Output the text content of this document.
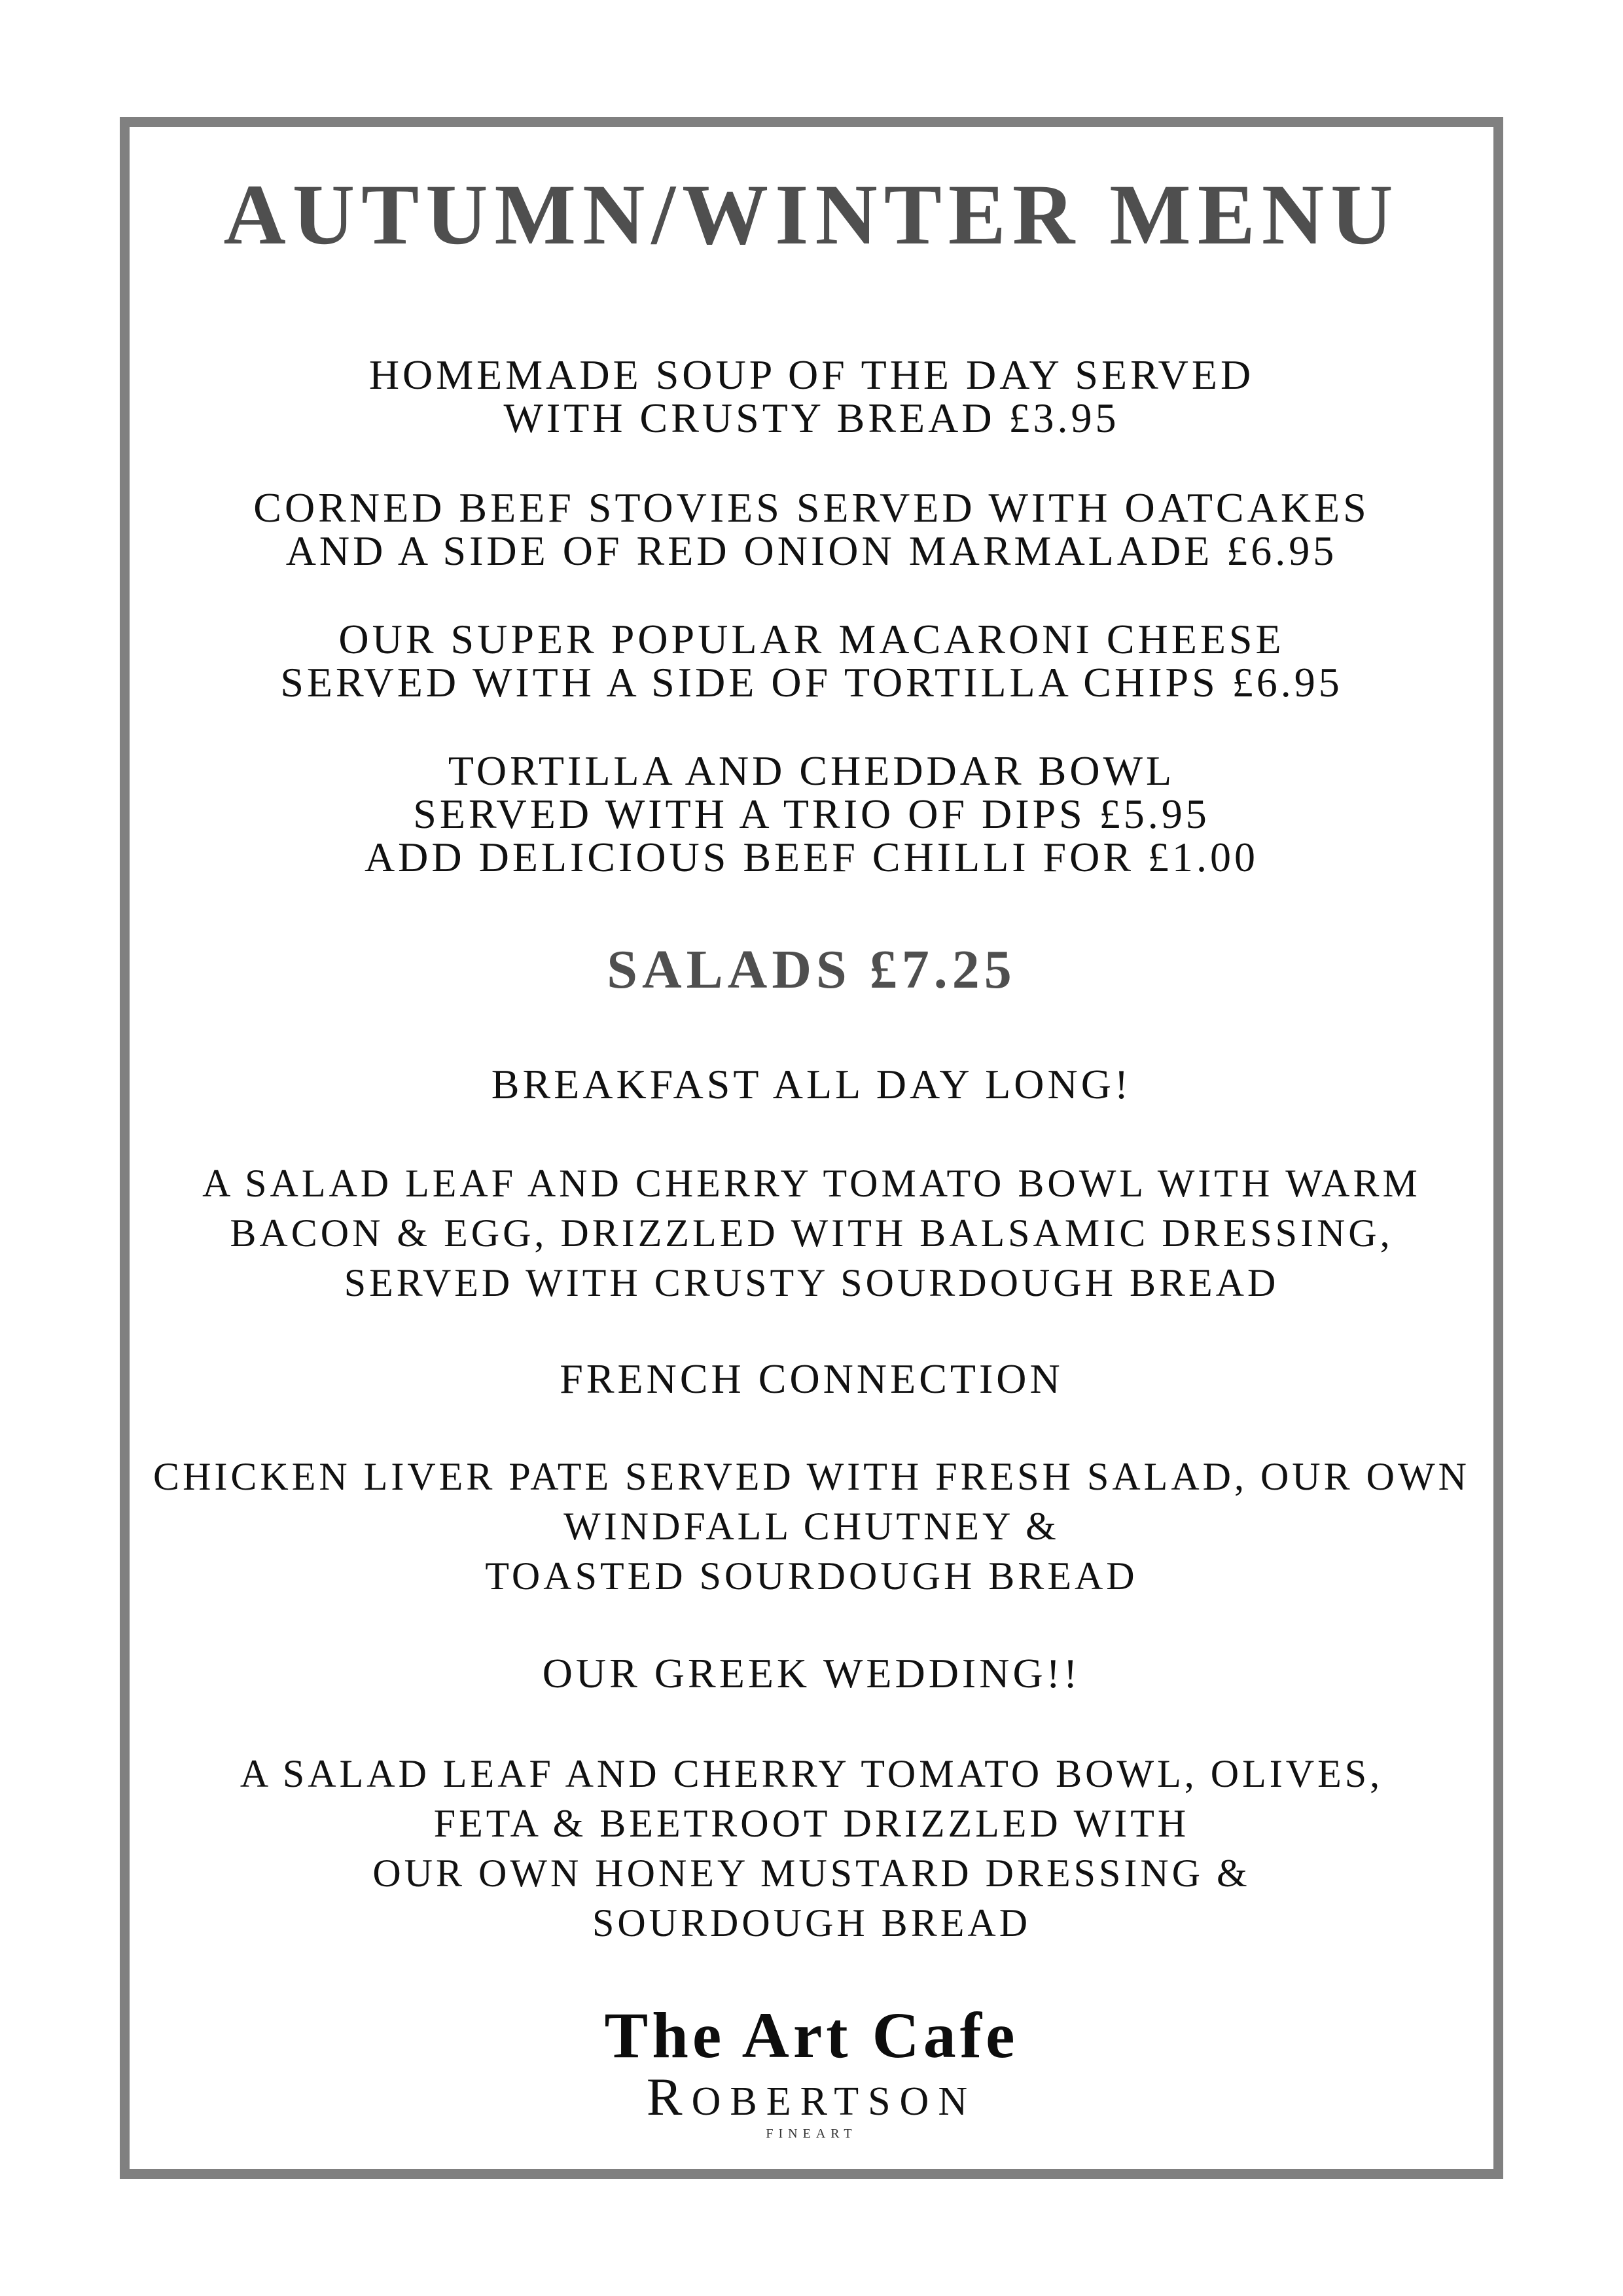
AUTUMN/WINTER MENU
HOMEMADE SOUP OF THE DAY SERVED
WITH CRUSTY BREAD £3.95
CORNED BEEF STOVIES SERVED WITH OATCAKES
AND A SIDE OF RED ONION MARMALADE £6.95
OUR SUPER POPULAR MACARONI CHEESE
SERVED WITH A SIDE OF TORTILLA CHIPS £6.95
TORTILLA AND CHEDDAR BOWL
SERVED WITH A TRIO OF DIPS £5.95
ADD DELICIOUS BEEF CHILLI FOR £1.00
SALADS £7.25
BREAKFAST ALL DAY LONG!
A SALAD LEAF AND CHERRY TOMATO BOWL WITH WARM
BACON & EGG, DRIZZLED WITH BALSAMIC DRESSING,
SERVED WITH CRUSTY SOURDOUGH BREAD
FRENCH CONNECTION
CHICKEN LIVER PATE SERVED WITH FRESH SALAD, OUR OWN
WINDFALL CHUTNEY &
TOASTED SOURDOUGH BREAD
OUR GREEK WEDDING!!
A SALAD LEAF AND CHERRY TOMATO BOWL, OLIVES,
FETA & BEETROOT DRIZZLED WITH
OUR OWN HONEY MUSTARD DRESSING &
SOURDOUGH BREAD
The Art Cafe
ROBERTSON
FINEART
